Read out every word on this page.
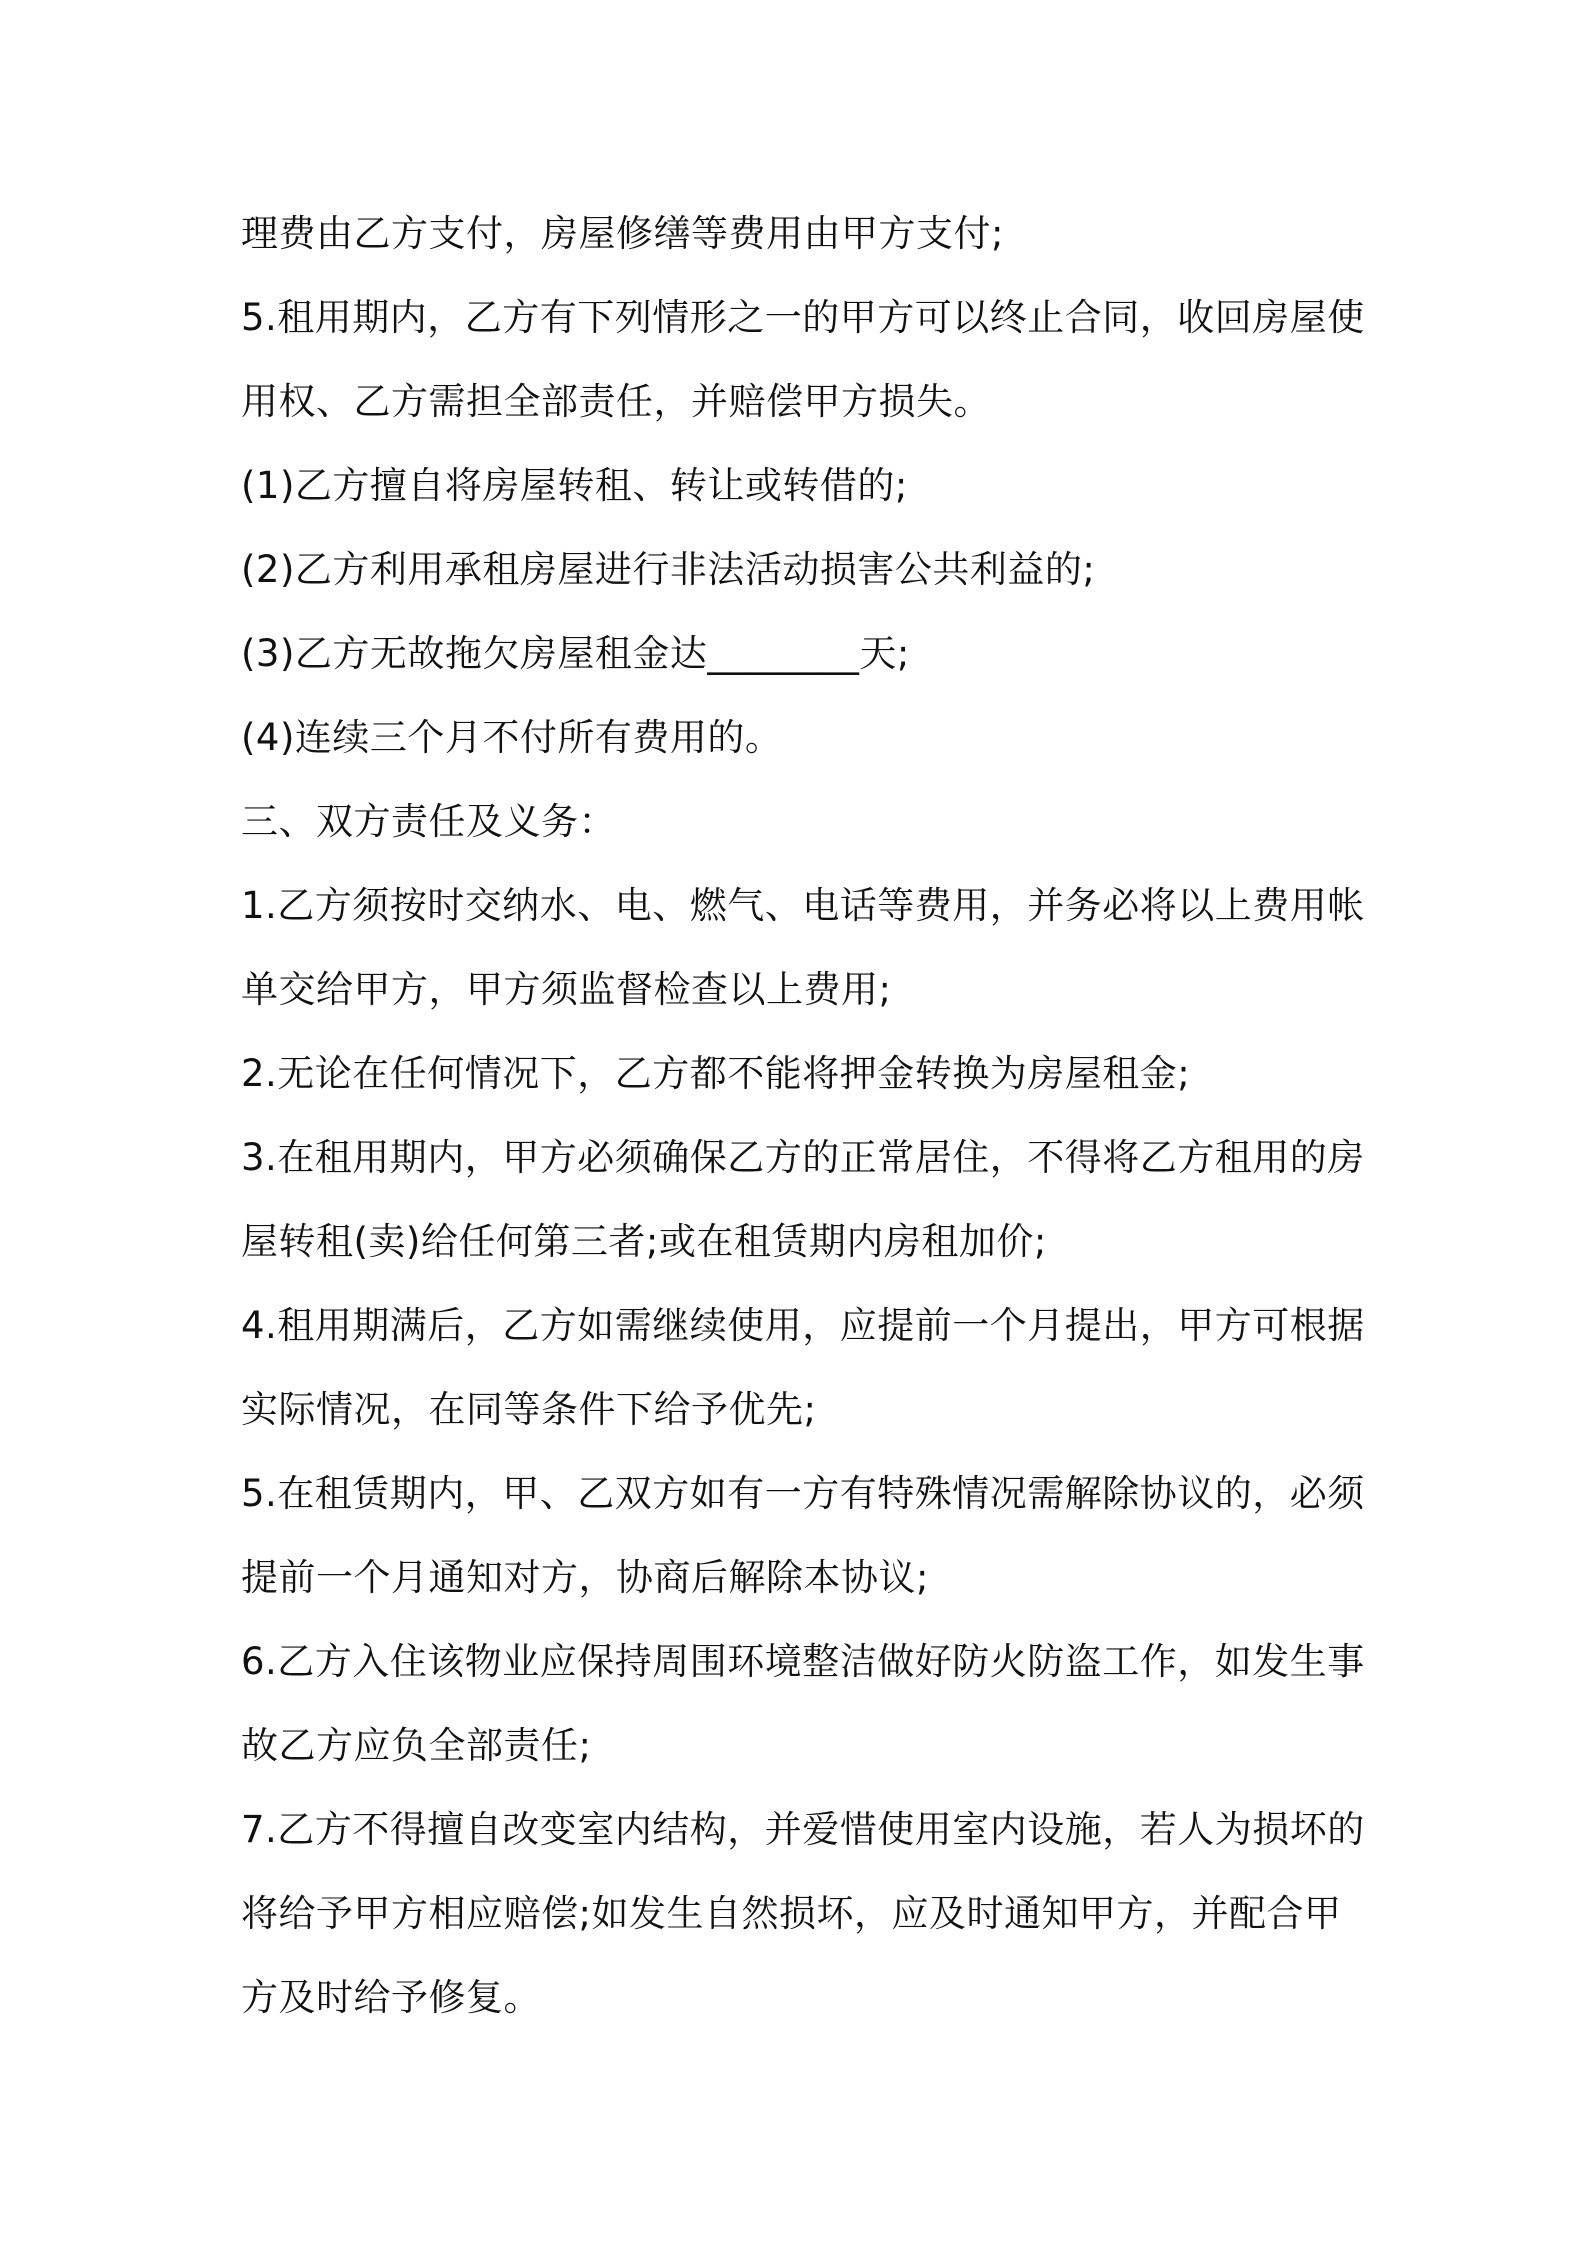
理费由乙方支付，房屋修缮等费用由甲方支付;
5.租用期内，乙方有下列情形之一的甲方可以终止合同，收回房屋使
用权、乙方需担全部责任，并赔偿甲方损失。
(1)乙方擅自将房屋转租、转让或转借的;
(2)乙方利用承租房屋进行非法活动损害公共利益的;
(3)乙方无故拖欠房屋租金达________天;
(4)连续三个月不付所有费用的。
三、双方责任及义务：
1.乙方须按时交纳水、电、燃气、电话等费用，并务必将以上费用帐
单交给甲方，甲方须监督检查以上费用;
2.无论在任何情况下，乙方都不能将押金转换为房屋租金;
3.在租用期内，甲方必须确保乙方的正常居住，不得将乙方租用的房
屋转租(卖)给任何第三者;或在租赁期内房租加价;
4.租用期满后，乙方如需继续使用，应提前一个月提出，甲方可根据
实际情况，在同等条件下给予优先;
5.在租赁期内，甲、乙双方如有一方有特殊情况需解除协议的，必须
提前一个月通知对方，协商后解除本协议;
6.乙方入住该物业应保持周围环境整洁做好防火防盗工作，如发生事
故乙方应负全部责任;
7.乙方不得擅自改变室内结构，并爱惜使用室内设施，若人为损坏的
将给予甲方相应赔偿;如发生自然损坏，应及时通知甲方，并配合甲
方及时给予修复。
